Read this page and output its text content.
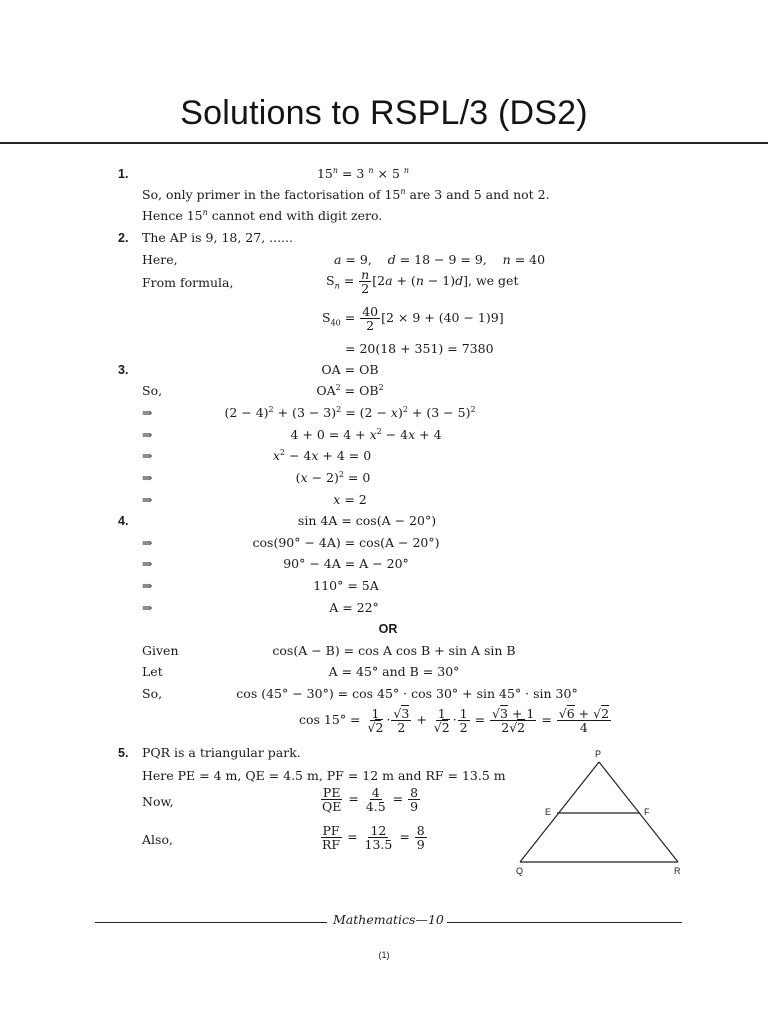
Solutions to RSPL/3 (DS2)
1.	$15^n = 3$ $^n$ × 5 $^n$
So, only primer in the factorisation of 15$^n$ are 3 and 5 and not 2.
Hence 15$^n$ cannot end with digit zero.
2. The AP is 9, 18, 27, ......
Here,	a = 9,    d = 18 − 9 = 9,    n = 40
From formula,	$S_n = \frac{n}{2} [2a + (n - 1)d]$, we get
$S_{40} = \frac{40}{2} [2 \times 9 + (40 - 1)9]$
= 20(18 + 351) = 7380
3.	OA = OB
So,	$OA^2 = OB^2$
⇒	$(2 - 4)^2 + (3 - 3)^2 = (2 - x)^2 + (3 - 5)^2$
⇒	$4 + 0 = 4 + x^2 - 4x + 4$
⇒	$x^2 - 4x + 4 = 0$
⇒	$(x - 2)^2 = 0$
⇒	x = 2
4.	sin 4A = cos(A − 20°)
⇒	cos(90° − 4A) = cos(A − 20°)
⇒	90° − 4A = A − 20°
⇒	110° = 5A
⇒	A = 22°
OR
Given	cos(A − B) = cos A cos B + sin A sin B
Let	A = 45° and B = 30°
So,	cos (45° − 30°) = cos 45° · cos 30° + sin 45° · sin 30°
$\cos 15^\circ = \frac{1}{√2} \cdot \frac{√3}{2} + \frac{1}{√2} \cdot \frac{1}{2} = \frac{√3 + 1}{2√2} = \frac{√6 + √2}{4}$
5. PQR is a triangular park.
Here PE = 4 m, QE = 4.5 m, PF = 12 m and RF = 13.5 m
Now,	$\frac{PE}{QE} = \frac{4}{4.5} = \frac{8}{9}$
Also,	$\frac{PF}{RF} = \frac{12}{13.5} = \frac{8}{9}$
P
E	F
Q	R
Mathematics—10
(1)
